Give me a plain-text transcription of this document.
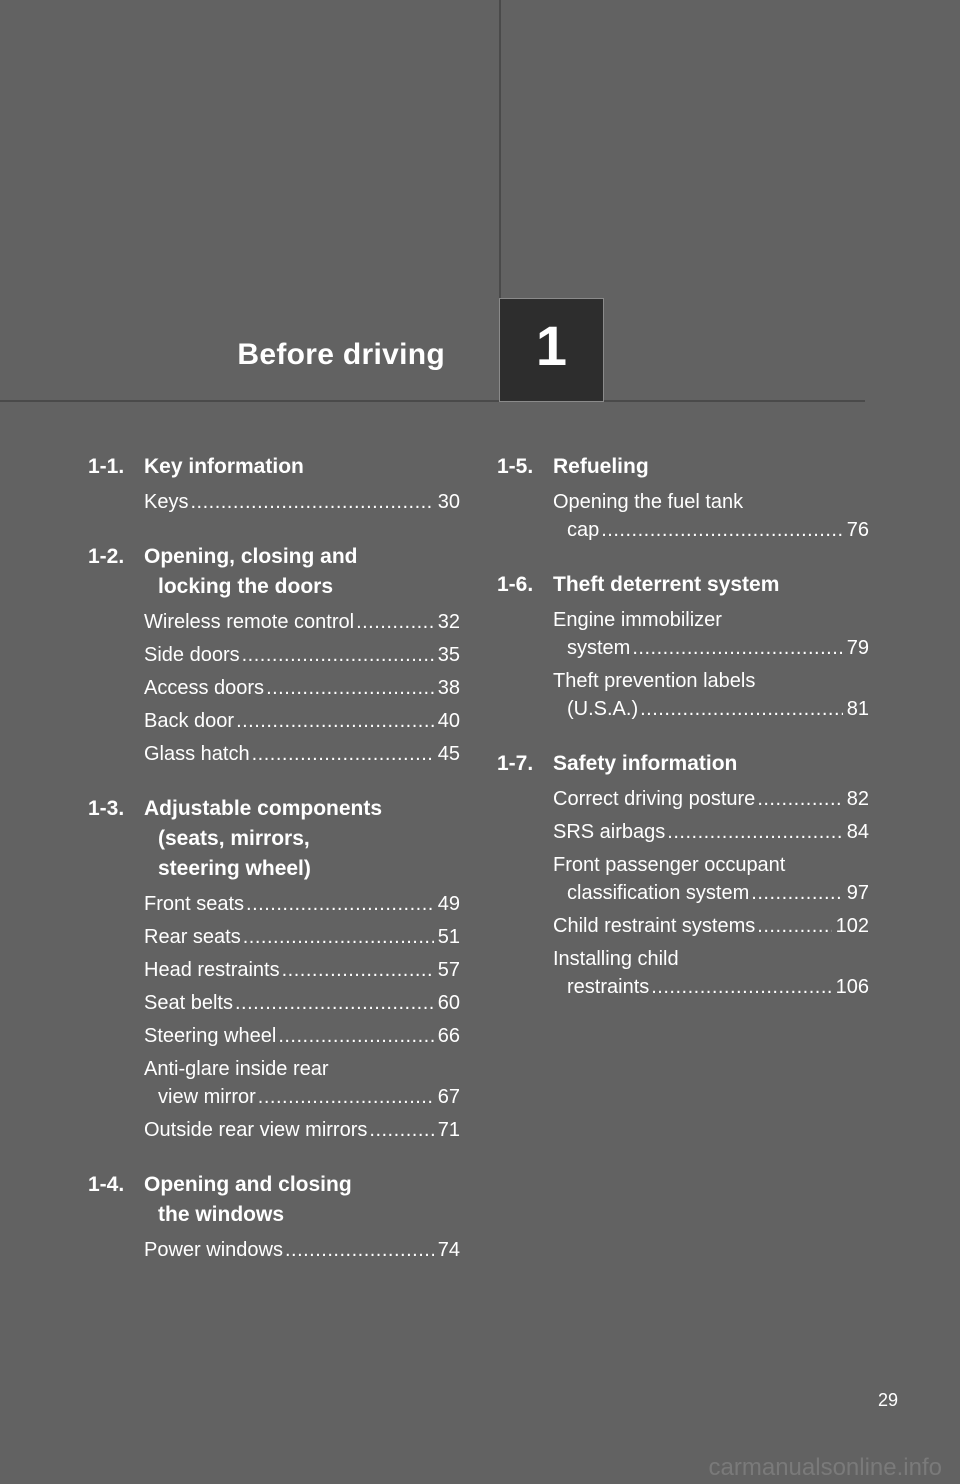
Before driving 1
1-1. Key information
Keys .....	30
1-2. Opening, closing and

locking the doors
Wireless remote control .....	32
Side doors .....	35
Access doors .....	38
Back door .....	40
Glass hatch .....	45
1-3. Adjustable components

(seats, mirrors,
steering wheel)
Front seats .....	49
Rear seats .....	51
Head restraints .....	57
Seat belts .....	60
Steering wheel .....	66
Anti-glare inside rear
view mirror .....	67
Outside rear view mirrors .....	71
1-4. Opening and closing

the windows
Power windows .....	74
1-5. Refueling
Opening the fuel tank
cap .....	76
1-6. Theft deterrent system
Engine immobilizer
system .....	79
Theft prevention labels
(U.S.A.) .....	81
1-7. Safety information
Correct driving posture .....	82
SRS airbags .....	84
Front passenger occupant
classification system .....	97
Child restraint systems .....	102
Installing child
restraints .....	106
29
carmanualsonline.info
